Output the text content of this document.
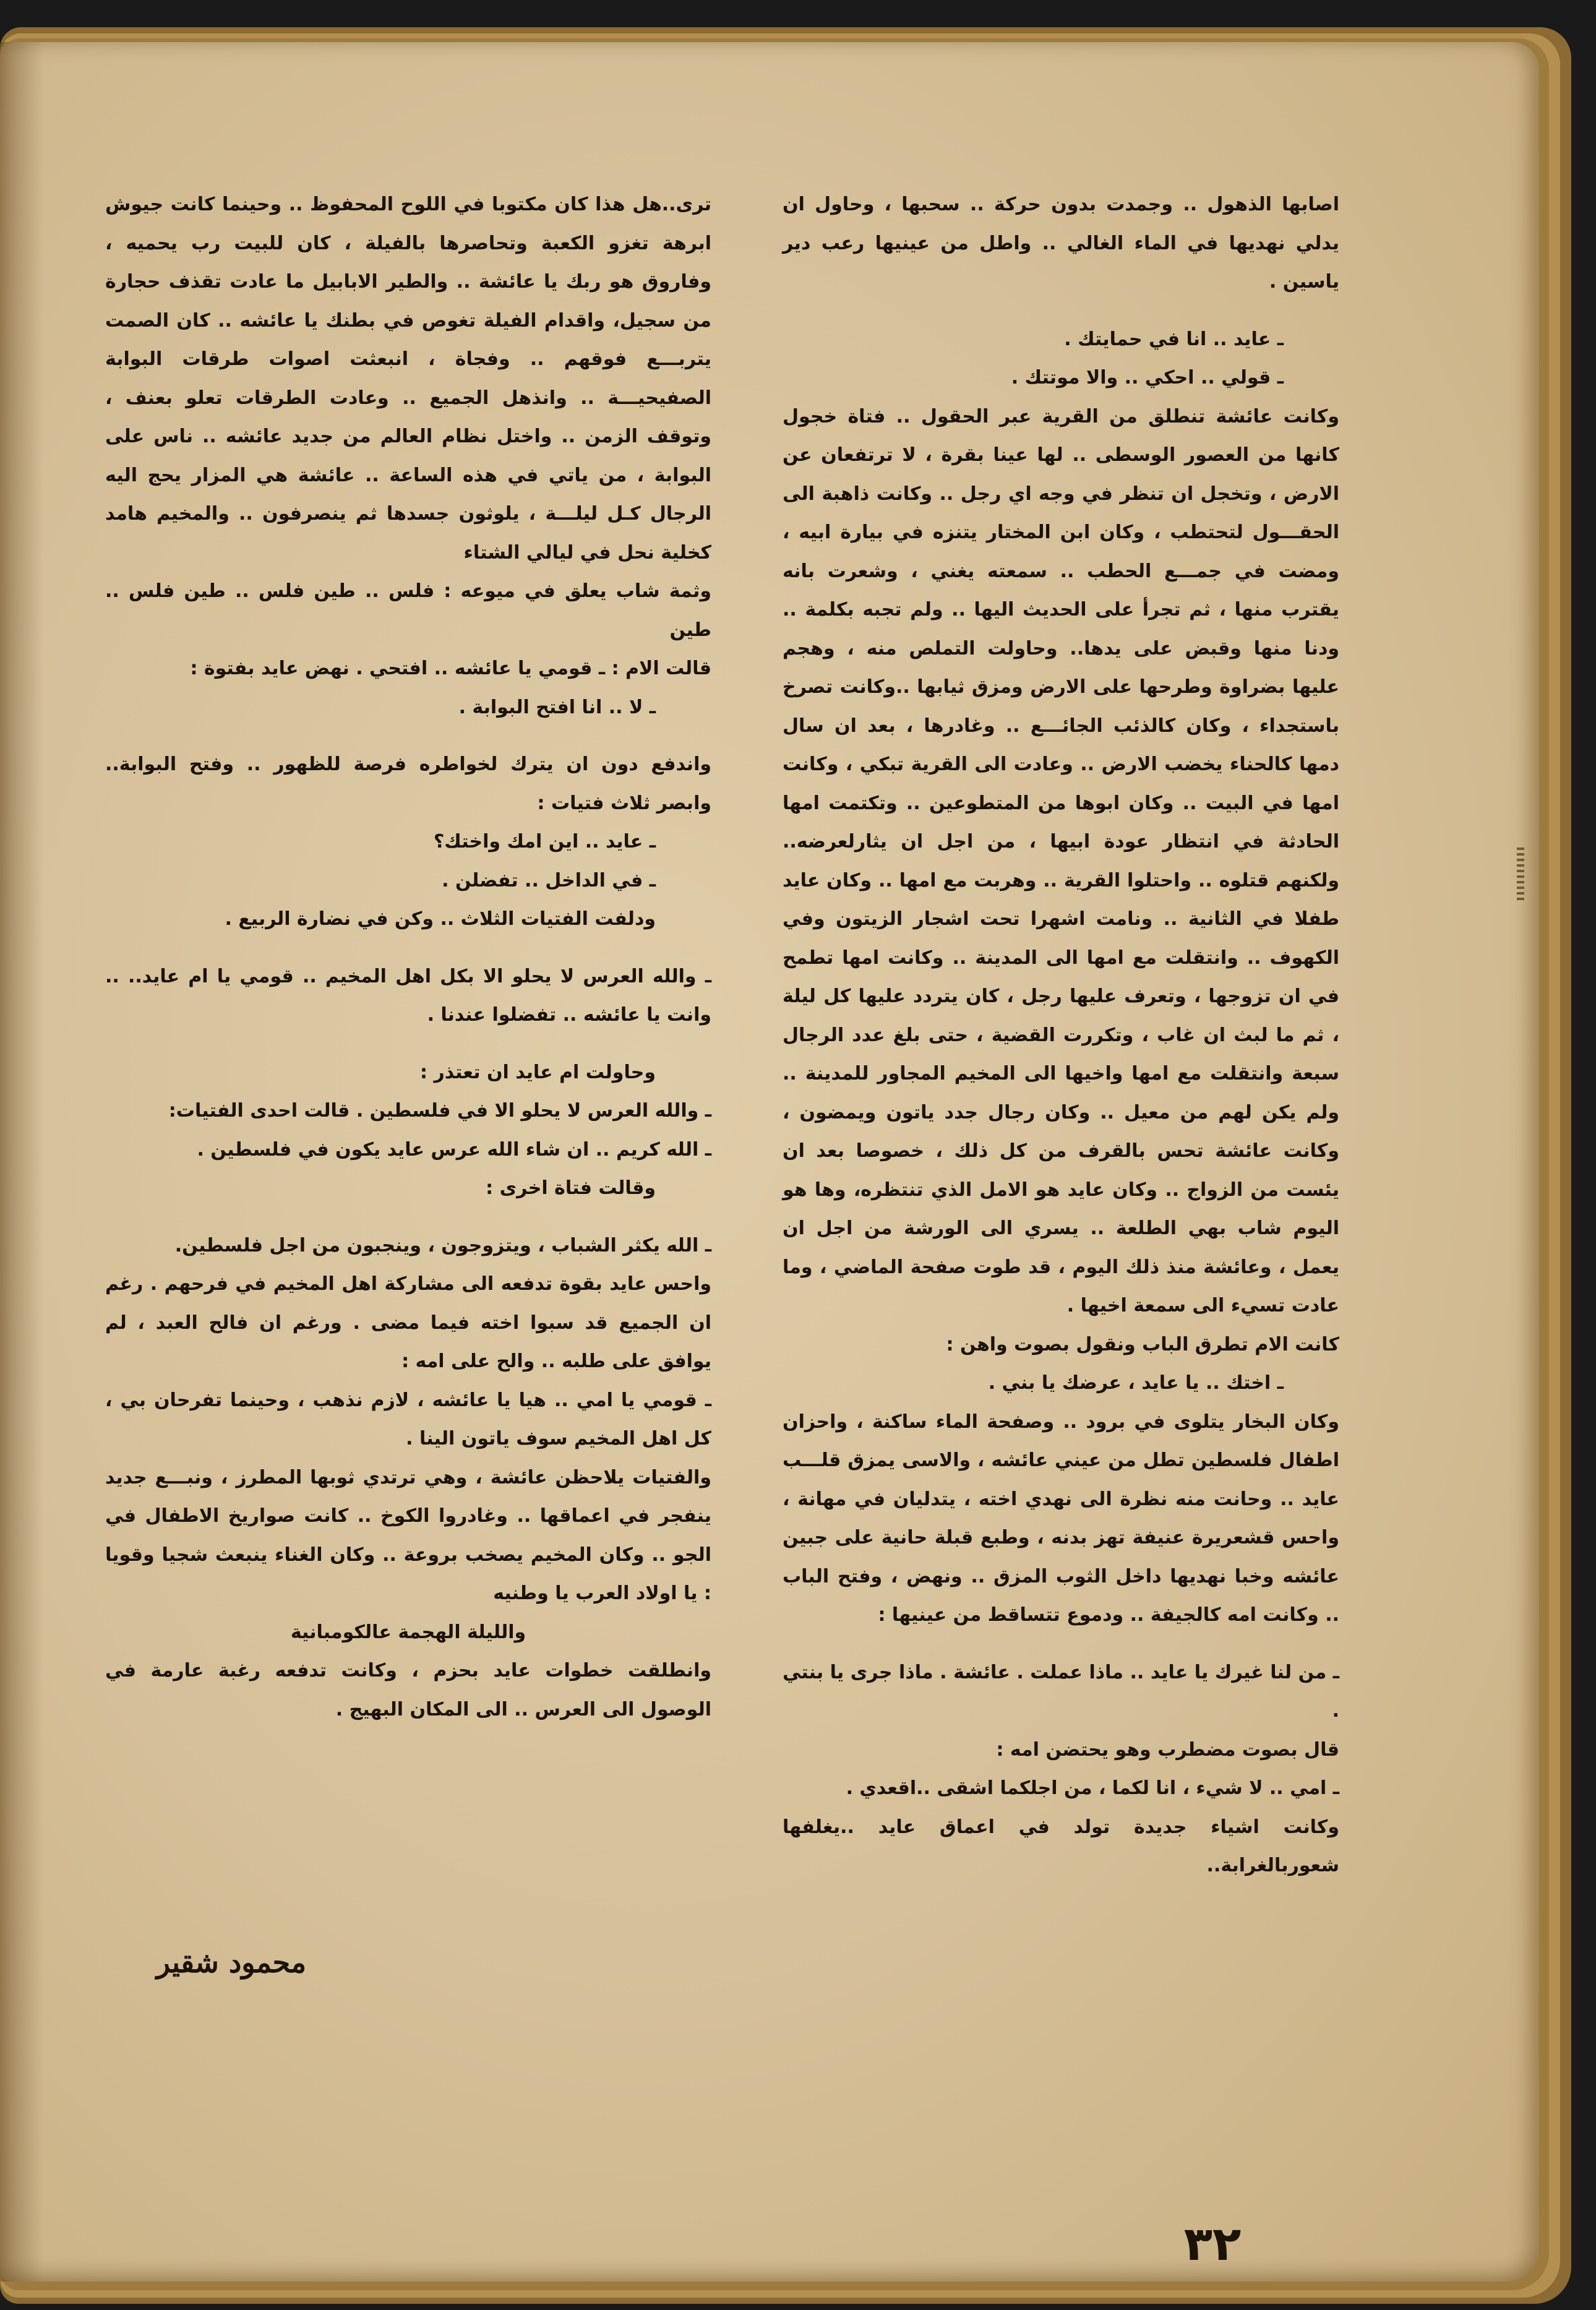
اصابها الذهول .. وجمدت بدون حركة .. سحبها ، وحاول ان يدلي نهديها في الماء الغالي .. واطل من عينيها رعب دير ياسين .

ـ عايد .. انا في حمايتك .

ـ قولي .. احكي .. والا موتتك .

وكانت عائشة تنطلق من القرية عبر الحقول .. فتاة خجول كانها من العصور الوسطى .. لها عينا بقرة ، لا ترتفعان عن الارض ، وتخجل ان تنظر في وجه اي رجل .. وكانت ذاهبة الى الحقـــول لتحتطب ، وكان ابن المختار يتنزه في بيارة ابيه ، ومضت في جمـــع الحطب .. سمعته يغني ، وشعرت بانه يقترب منها ، ثم تجرأ على الحديث اليها .. ولم تجبه بكلمة .. ودنا منها وقبض على يدها.. وحاولت التملص منه ، وهجم عليها بضراوة وطرحها على الارض ومزق ثيابها ..وكانت تصرخ باستجداء ، وكان كالذئب الجائـــع .. وغادرها ، بعد ان سال دمها كالحناء يخضب الارض .. وعادت الى القرية تبكي ، وكانت امها في البيت .. وكان ابوها من المتطوعين .. وتكتمت امها الحادثة في انتظار عودة ابيها ، من اجل ان يثارلعرضه.. ولكنهم قتلوه .. واحتلوا القرية .. وهربت مع امها .. وكان عايد طفلا في الثانية .. ونامت اشهرا تحت اشجار الزيتون وفي الكهوف .. وانتقلت مع امها الى المدينة .. وكانت امها تطمح في ان تزوجها ، وتعرف عليها رجل ، كان يتردد عليها كل ليلة ، ثم ما لبث ان غاب ، وتكررت القضية ، حتى بلغ عدد الرجال سبعة وانتقلت مع امها واخيها الى المخيم المجاور للمدينة .. ولم يكن لهم من معيل .. وكان رجال جدد ياتون ويمضون ، وكانت عائشة تحس بالقرف من كل ذلك ، خصوصا بعد ان يئست من الزواج .. وكان عايد هو الامل الذي تنتظره، وها هو اليوم شاب بهي الطلعة .. يسري الى الورشة من اجل ان يعمل ، وعائشة منذ ذلك اليوم ، قد طوت صفحة الماضي ، وما عادت تسيء الى سمعة اخيها .

كانت الام تطرق الباب ونقول بصوت واهن :

ـ اختك .. يا عايد ، عرضك يا بني .

وكان البخار يتلوى في برود .. وصفحة الماء ساكنة ، واحزان اطفال فلسطين تطل من عيني عائشه ، والاسى يمزق قلـــب عايد .. وحانت منه نظرة الى نهدي اخته ، يتدليان في مهانة ، واحس قشعريرة عنيفة تهز بدنه ، وطبع قبلة حانية على جبين عائشه وخبا نهديها داخل الثوب المزق .. ونهض ، وفتح الباب .. وكانت امه كالجيفة .. ودموع تتساقط من عينيها :

ـ من لنا غيرك يا عايد .. ماذا عملت . عائشة . ماذا جرى يا بنتي .

قال بصوت مضطرب وهو يحتضن امه :

ـ امي .. لا شيء ، انا لكما ، من اجلكما اشقى ..اقعدي .

وكانت اشياء جديدة تولد في اعماق عايد ..يغلفها شعوربالغرابة..

ترى..هل هذا كان مكتوبا في اللوح المحفوظ .. وحينما كانت جيوش ابرهة تغزو الكعبة وتحاصرها بالفيلة ، كان للبيت رب يحميه ، وفاروق هو ربك يا عائشة .. والطير الابابيل ما عادت تقذف حجارة من سجيل، واقدام الفيلة تغوص في بطنك يا عائشه .. كان الصمت يتربـــع فوقهم .. وفجاة ، انبعثت اصوات طرقات البوابة الصفيحيـــة .. وانذهل الجميع .. وعادت الطرقات تعلو بعنف ، وتوقف الزمن .. واختل نظام العالم من جديد عائشه .. ناس على البوابة ، من ياتي في هذه الساعة .. عائشة هي المزار يحج اليه الرجال كـل ليلـــة ، يلوثون جسدها ثم ينصرفون .. والمخيم هامد كخلية نحل في ليالي الشتاء

وثمة شاب يعلق في ميوعه : فلس .. طين فلس .. طين فلس .. طين

قالت الام : ـ قومي يا عائشه .. افتحي . نهض عايد بفتوة :

ـ لا .. انا افتح البوابة .

واندفع دون ان يترك لخواطره فرصة للظهور .. وفتح البوابة.. وابصر ثلاث فتيات :

ـ عايد .. اين امك واختك؟

ـ في الداخل .. تفضلن .

ودلفت الفتيات الثلاث .. وكن في نضارة الربيع .

ـ والله العرس لا يحلو الا بكل اهل المخيم .. قومي يا ام عايد.. .. وانت يا عائشه .. تفضلوا عندنا .

وحاولت ام عايد ان تعتذر :

ـ والله العرس لا يحلو الا في فلسطين . قالت احدى الفتيات:

ـ الله كريم .. ان شاء الله عرس عايد يكون في فلسطين .

وقالت فتاة اخرى :

ـ الله يكثر الشباب ، ويتزوجون ، وينجبون من اجل فلسطين.

واحس عايد بقوة تدفعه الى مشاركة اهل المخيم في فرحهم . رغم ان الجميع قد سبوا اخته فيما مضى . ورغم ان فالح العبد ، لم يوافق على طلبه .. والح على امه :

ـ قومي يا امي .. هيا يا عائشه ، لازم نذهب ، وحينما تفرحان بي ، كل اهل المخيم سوف ياتون الينا .

والفتيات يلاحظن عائشة ، وهي ترتدي ثوبها المطرز ، ونبـــع جديد ينفجر في اعماقها .. وغادروا الكوخ .. كانت صواريخ الاطفال في الجو .. وكان المخيم يصخب بروعة .. وكان الغناء ينبعث شجيا وقويا : يا اولاد العرب يا وطنيه

والليلة الهجمة عالكومبانية

وانطلقت خطوات عايد بحزم ، وكانت تدفعه رغبة عارمة في الوصول الى العرس .. الى المكان البهيج .

محمود شقير
٣٢
